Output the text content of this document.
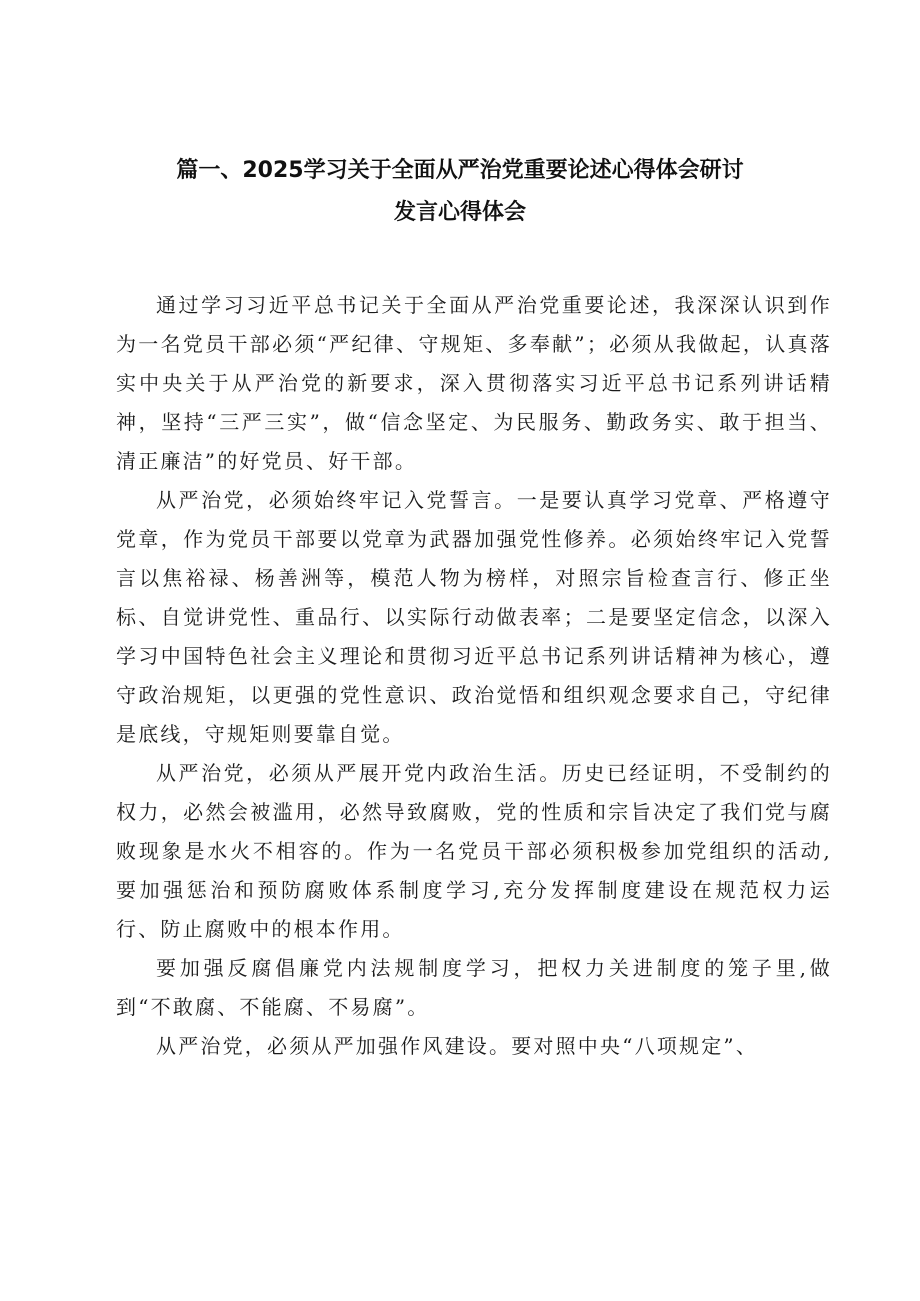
篇一、2025学习关于全面从严治党重要论述心得体会研讨
发言心得体会

通过学习习近平总书记关于全面从严治党重要论述，我深深认识到作为一名党员干部必须“严纪律、守规矩、多奉献”；必须从我做起，认真落实中央关于从严治党的新要求，深入贯彻落实习近平总书记系列讲话精神，坚持“三严三实”，做“信念坚定、为民服务、勤政务实、敢于担当、清正廉洁”的好党员、好干部。

从严治党，必须始终牢记入党誓言。一是要认真学习党章、严格遵守党章，作为党员干部要以党章为武器加强党性修养。必须始终牢记入党誓言以焦裕禄、杨善洲等，模范人物为榜样，对照宗旨检查言行、修正坐标、自觉讲党性、重品行、以实际行动做表率；二是要坚定信念，以深入学习中国特色社会主义理论和贯彻习近平总书记系列讲话精神为核心，遵守政治规矩，以更强的党性意识、政治觉悟和组织观念要求自己，守纪律是底线，守规矩则要靠自觉。

从严治党，必须从严展开党内政治生活。历史已经证明，不受制约的权力，必然会被滥用，必然导致腐败，党的性质和宗旨决定了我们党与腐败现象是水火不相容的。作为一名党员干部必须积极参加党组织的活动,要加强惩治和预防腐败体系制度学习,充分发挥制度建设在规范权力运行、防止腐败中的根本作用。

要加强反腐倡廉党内法规制度学习，把权力关进制度的笼子里,做到“不敢腐、不能腐、不易腐”。

从严治党，必须从严加强作风建设。要对照中央“八项规定”、
